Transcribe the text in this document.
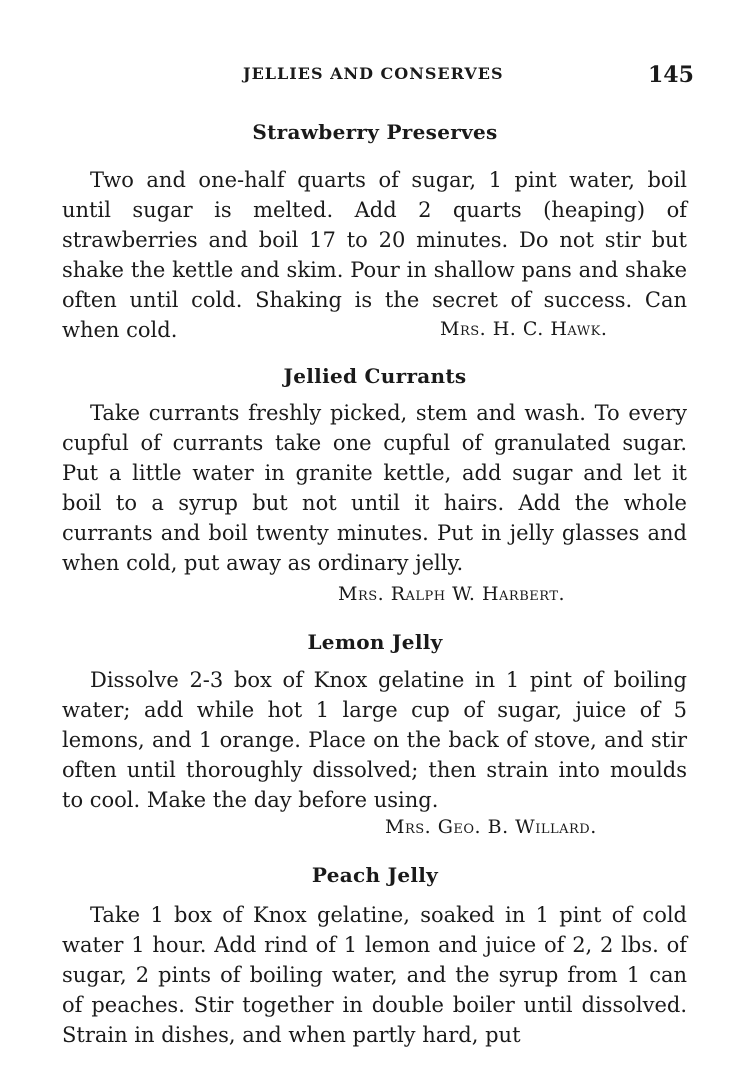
JELLIES AND CONSERVES	145
Strawberry Preserves

Two and one-half quarts of sugar, 1 pint water, boil until sugar is melted. Add 2 quarts (heaping) of strawberries and boil 17 to 20 minutes. Do not stir but shake the kettle and skim. Pour in shallow pans and shake often until cold. Shaking is the secret of success. Can when cold.	Mrs. H. C. Hawk.
Jellied Currants

Take currants freshly picked, stem and wash. To every cupful of currants take one cupful of granulated sugar. Put a little water in granite kettle, add sugar and let it boil to a syrup but not until it hairs. Add the whole currants and boil twenty minutes. Put in jelly glasses and when cold, put away as ordinary jelly.

Mrs. Ralph W. Harbert.
Lemon Jelly

Dissolve 2-3 box of Knox gelatine in 1 pint of boiling water; add while hot 1 large cup of sugar, juice of 5 lemons, and 1 orange. Place on the back of stove, and stir often until thoroughly dissolved; then strain into moulds to cool. Make the day before using.

Mrs. Geo. B. Willard.
Peach Jelly

Take 1 box of Knox gelatine, soaked in 1 pint of cold water 1 hour. Add rind of 1 lemon and juice of 2, 2 lbs. of sugar, 2 pints of boiling water, and the syrup from 1 can of peaches. Stir together in double boiler until dissolved. Strain in dishes, and when partly hard, put
